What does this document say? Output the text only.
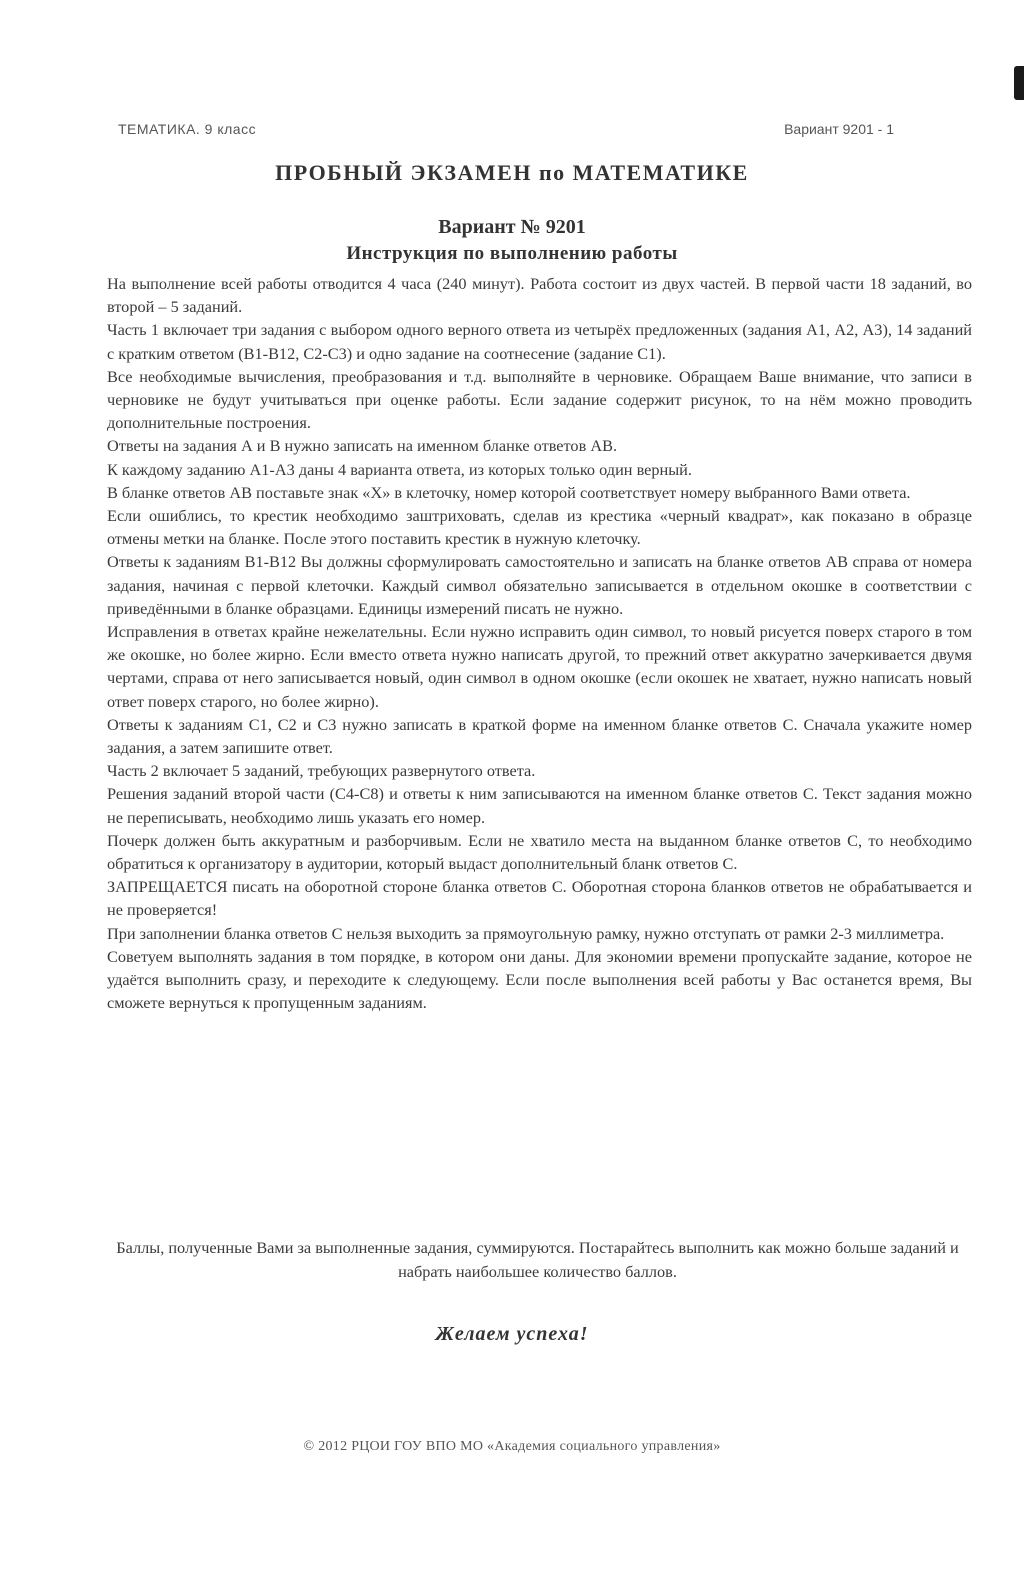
ТЕМАТИКА. 9 класс	Вариант 9201 - 1
ПРОБНЫЙ ЭКЗАМЕН по МАТЕМАТИКЕ
Вариант № 9201
Инструкция по выполнению работы

На выполнение всей работы отводится 4 часа (240 минут). Работа состоит из двух частей. В первой части 18 заданий, во второй – 5 заданий.

Часть 1 включает три задания с выбором одного верного ответа из четырёх предложенных (задания А1, А2, А3), 14 заданий с кратким ответом (В1-В12, С2-С3) и одно задание на соотнесение (задание С1).

Все необходимые вычисления, преобразования и т.д. выполняйте в черновике. Обращаем Ваше внимание, что записи в черновике не будут учитываться при оценке работы. Если задание содержит рисунок, то на нём можно проводить дополнительные построения.

Ответы на задания А и В нужно записать на именном бланке ответов АВ.

К каждому заданию А1-А3 даны 4 варианта ответа, из которых только один верный.

В бланке ответов АВ поставьте знак «Х» в клеточку, номер которой соответствует номеру выбранного Вами ответа.

Если ошиблись, то крестик необходимо заштриховать, сделав из крестика «черный квадрат», как показано в образце отмены метки на бланке. После этого поставить крестик в нужную клеточку.

Ответы к заданиям В1-В12 Вы должны сформулировать самостоятельно и записать на бланке ответов АВ справа от номера задания, начиная с первой клеточки. Каждый символ обязательно записывается в отдельном окошке в соответствии с приведёнными в бланке образцами. Единицы измерений писать не нужно.

Исправления в ответах крайне нежелательны. Если нужно исправить один символ, то новый рисуется поверх старого в том же окошке, но более жирно. Если вместо ответа нужно написать другой, то прежний ответ аккуратно зачеркивается двумя чертами, справа от него записывается новый, один символ в одном окошке (если окошек не хватает, нужно написать новый ответ поверх старого, но более жирно).

Ответы к заданиям С1, С2 и С3 нужно записать в краткой форме на именном бланке ответов С. Сначала укажите номер задания, а затем запишите ответ.

Часть 2 включает 5 заданий, требующих развернутого ответа.

Решения заданий второй части (С4-С8) и ответы к ним записываются на именном бланке ответов С. Текст задания можно не переписывать, необходимо лишь указать его номер.

Почерк должен быть аккуратным и разборчивым. Если не хватило места на выданном бланке ответов С, то необходимо обратиться к организатору в аудитории, который выдаст дополнительный бланк ответов С.

ЗАПРЕЩАЕТСЯ писать на оборотной стороне бланка ответов С. Оборотная сторона бланков ответов не обрабатывается и не проверяется!

При заполнении бланка ответов С нельзя выходить за прямоугольную рамку, нужно отступать от рамки 2-3 миллиметра.

Советуем выполнять задания в том порядке, в котором они даны. Для экономии времени пропускайте задание, которое не удаётся выполнить сразу, и переходите к следующему. Если после выполнения всей работы у Вас останется время, Вы сможете вернуться к пропущенным заданиям.

Баллы, полученные Вами за выполненные задания, суммируются. Постарайтесь выполнить как можно больше заданий и набрать наибольшее количество баллов.
Желаем успеха!
© 2012 РЦОИ ГОУ ВПО МО «Академия социального управления»
